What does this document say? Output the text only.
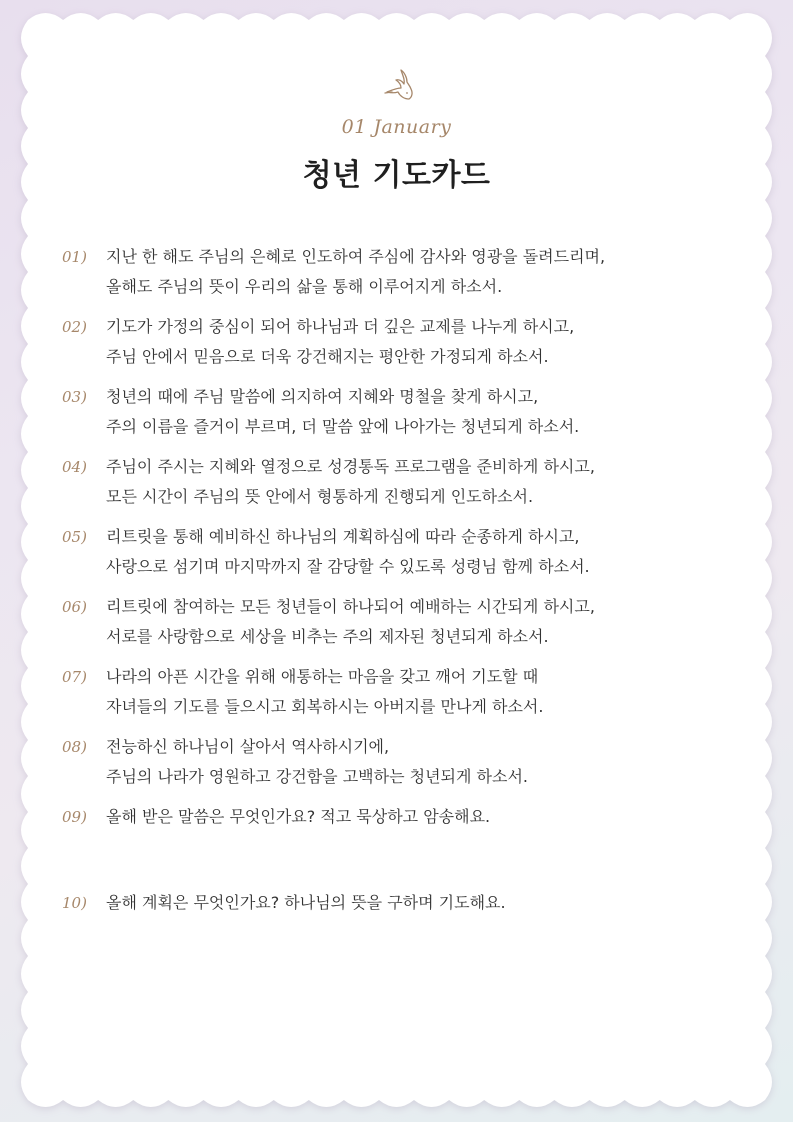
01 January
청년 기도카드
01)	지난 한 해도 주님의 은혜로 인도하여 주심에 감사와 영광을 돌려드리며,
올해도 주님의 뜻이 우리의 삶을 통해 이루어지게 하소서.
02)	기도가 가정의 중심이 되어 하나님과 더 깊은 교제를 나누게 하시고,
주님 안에서 믿음으로 더욱 강건해지는 평안한 가정되게 하소서.
03)	청년의 때에 주님 말씀에 의지하여 지혜와 명철을 찾게 하시고,
주의 이름을 즐거이 부르며, 더 말씀 앞에 나아가는 청년되게 하소서.
04)	주님이 주시는 지혜와 열정으로 성경통독 프로그램을 준비하게 하시고,
모든 시간이 주님의 뜻 안에서 형통하게 진행되게 인도하소서.
05)	리트릿을 통해 예비하신 하나님의 계획하심에 따라 순종하게 하시고,
사랑으로 섬기며 마지막까지 잘 감당할 수 있도록 성령님 함께 하소서.
06)	리트릿에 참여하는 모든 청년들이 하나되어 예배하는 시간되게 하시고,
서로를 사랑함으로 세상을 비추는 주의 제자된 청년되게 하소서.
07)	나라의 아픈 시간을 위해 애통하는 마음을 갖고 깨어 기도할 때
자녀들의 기도를 들으시고 회복하시는 아버지를 만나게 하소서.
08)	전능하신 하나님이 살아서 역사하시기에,
주님의 나라가 영원하고 강건함을 고백하는 청년되게 하소서.
09)	올해 받은 말씀은 무엇인가요? 적고 묵상하고 암송해요.
10)	올해 계획은 무엇인가요? 하나님의 뜻을 구하며 기도해요.
